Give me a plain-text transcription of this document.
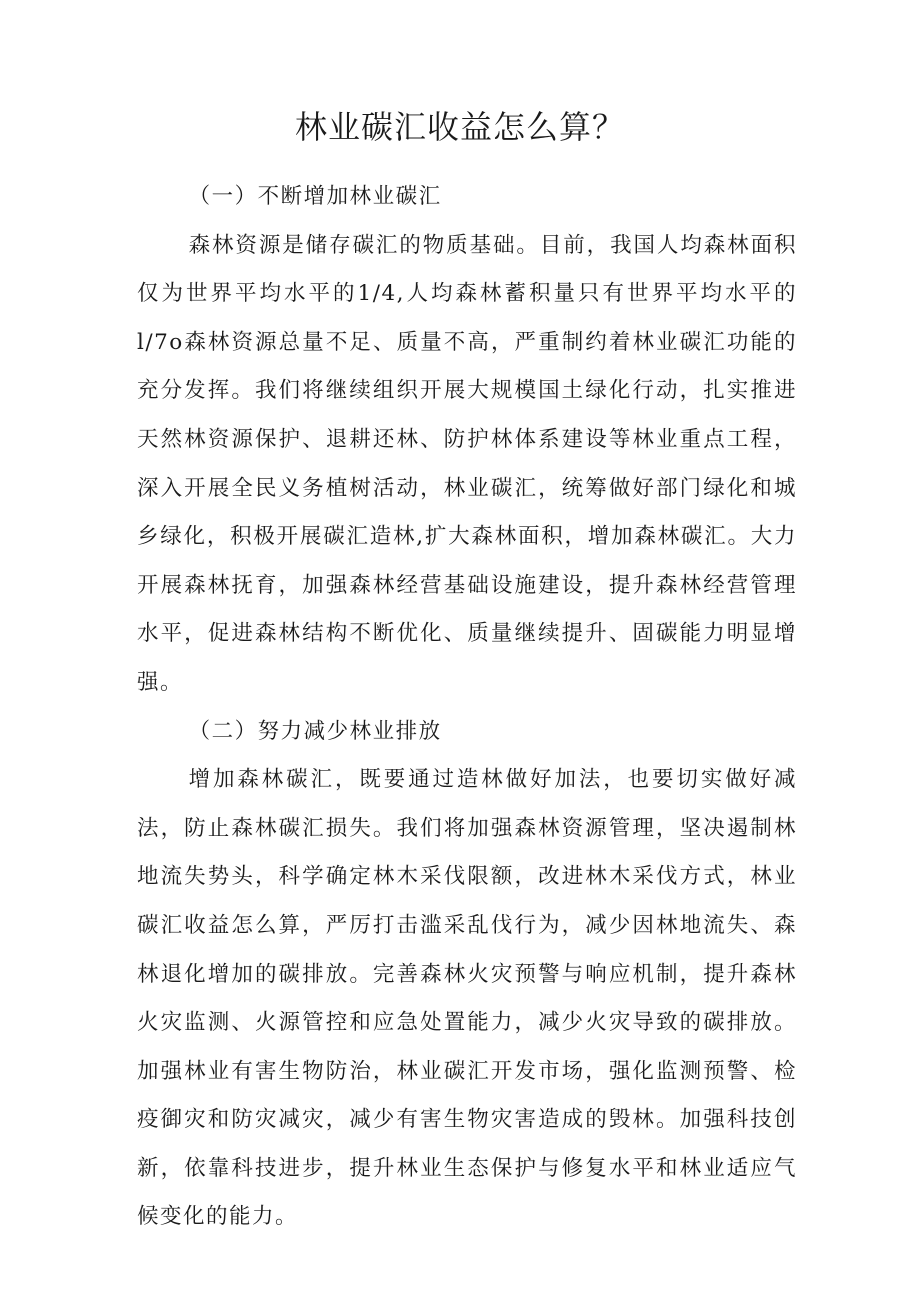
林业碳汇收益怎么算？

（一）不断增加林业碳汇

森林资源是储存碳汇的物质基础。目前，我国人均森林面积仅为世界平均水平的1/4,人均森林蓄积量只有世界平均水平的l/7o森林资源总量不足、质量不高，严重制约着林业碳汇功能的充分发挥。我们将继续组织开展大规模国土绿化行动，扎实推进天然林资源保护、退耕还林、防护林体系建设等林业重点工程，深入开展全民义务植树活动，林业碳汇，统筹做好部门绿化和城乡绿化，积极开展碳汇造林,扩大森林面积，增加森林碳汇。大力开展森林抚育，加强森林经营基础设施建设，提升森林经营管理水平，促进森林结构不断优化、质量继续提升、固碳能力明显增强。

（二）努力减少林业排放

增加森林碳汇，既要通过造林做好加法，也要切实做好减法，防止森林碳汇损失。我们将加强森林资源管理，坚决遏制林地流失势头，科学确定林木采伐限额，改进林木采伐方式，林业碳汇收益怎么算，严厉打击滥采乱伐行为，减少因林地流失、森林退化增加的碳排放。完善森林火灾预警与响应机制，提升森林火灾监测、火源管控和应急处置能力，减少火灾导致的碳排放。加强林业有害生物防治，林业碳汇开发市场，强化监测预警、检疫御灾和防灾减灾，减少有害生物灾害造成的毁林。加强科技创新，依靠科技进步，提升林业生态保护与修复水平和林业适应气候变化的能力。
